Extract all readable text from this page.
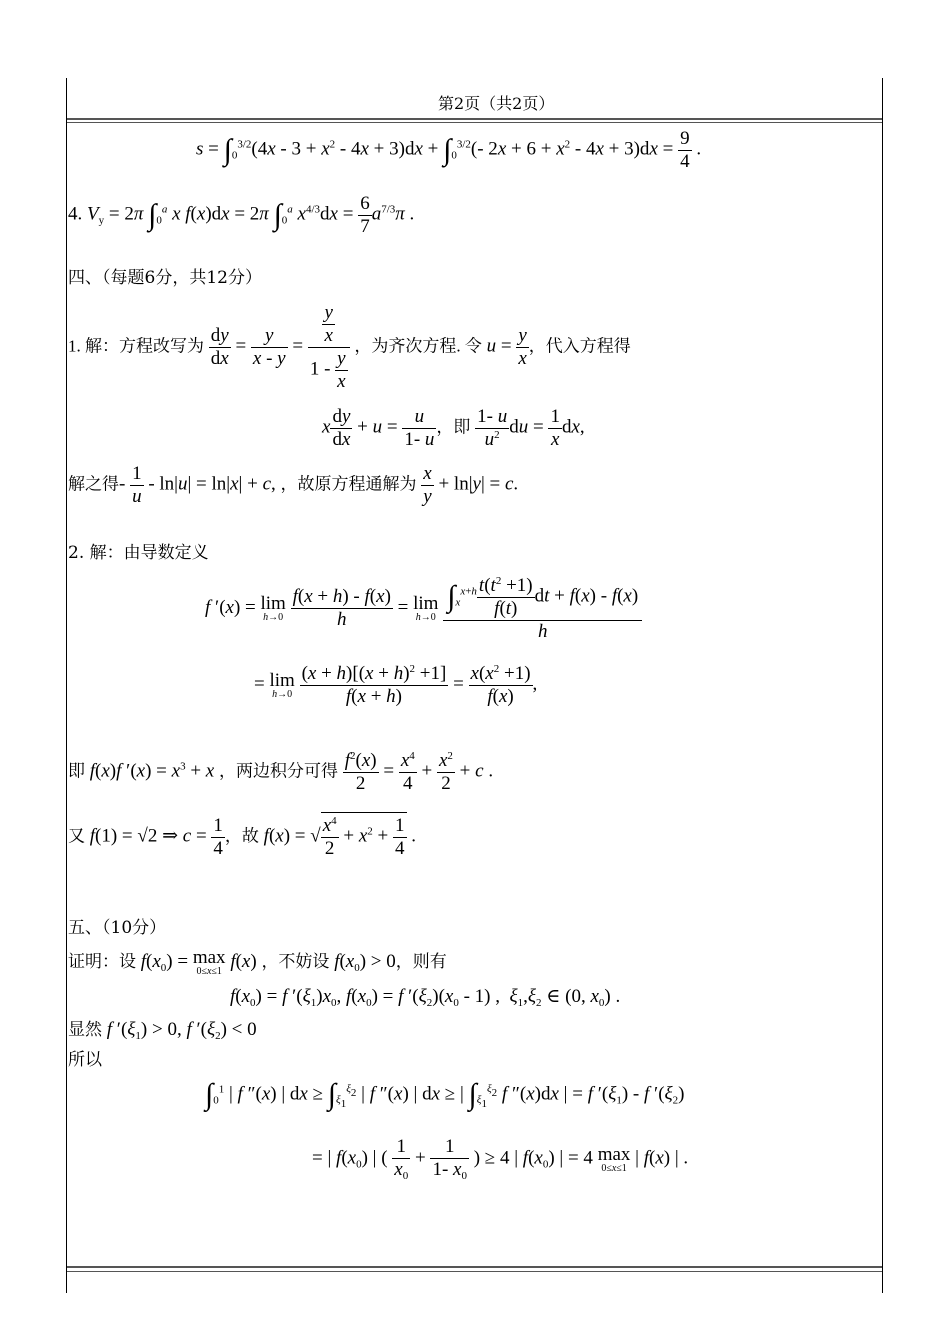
第2页（共2页）
$s = \int_0^{3/2}(4x - 3 + x^2 - 4x + 3)dx + \int_0^{3/2}(-$ $2x + 6 + x^2 - 4x + 3)dx = \frac{9}{4}$ .
4. $V_y = 2\pi$ $\int_0^a$ x f(x)dx = 2π $\int_0^a$ $x^{4/3}dx = \frac{6}{7} a^{7/3}\pi$ .
四、（每题6分，共12分）
1. 解：方程改写为 $\frac{dy}{dx} = \frac{y}{x - y} = \frac{\frac{y}{x}}{1 - \frac{y}{x}}$ ，为齐次方程. 令 $u = \frac{y}{x}$ ，代入方程得
x $\frac{dy}{dx} + u = \frac{u}{1- u}$ ，即 $\frac{1- u}{u^2}$ du = $\frac{1}{x}$ dx,
解之得- $\frac{1}{u} - \ln|u| = \ln|x| + c$, ，故原方程通解为 $\frac{x}{y} + \ln|y| = c$.
2. 解：由导数定义
f ′(x) = lim
h→0
$\frac{f(x + h) - f(x)}{h} = \lim$
h→0
$\frac{\int_x^{x+h} \frac{t(t^2 +1)}{f(t)} dt + f(x) - f(x)}{h}$
= lim
h→0
$\frac{(x + h)[(x + h)^2 +1]}{f(x + h)} = \frac{x(x^2 +1)}{f(x)}$ ,
即 f(x)f $'(x) = x^3 + x$ ，两边积分可得 $\frac{f^2(x)}{2} = \frac{x^4}{4} + \frac{x^2}{2} + c$ .
又 f(1) = √2 ⇒ $c = \frac{1}{4}$ ，故 f(x) = √ $\frac{x^4}{2} + x^2 + \frac{1}{4}$ .
五、（10分）
证明：设 $f(x_0) = \max$
0≤x≤1 f(x) ，不妨设 $f(x_0) > 0$，则有
$f(x_0) = f$ $'(\xi_1)x_0$, $f(x_0) = f$ $'(\xi_2)(x_0 - 1)$ ,  $\xi_1,\xi_2$ ∈ (0, $x_0$) .
显然 f $'(\xi_1) > 0$, f $'(\xi_2) < 0$
所以
$\int_0^1$ | f ″(x) | dx ≥ $\int_{\xi_1}^{\xi_2}$ | f ″(x) | dx ≥ | $\int_{\xi_1}^{\xi_2}$ f ″(x)dx | = f $'(\xi_1)$ - f $'(\xi_2)$
= | $f(x_0)$ | ( $\frac{1}{x_0} + \frac{1}{1- x_0}$ ) ≥ 4 | $f(x_0)$ | = 4 max
0≤x≤1 | f(x) | .
